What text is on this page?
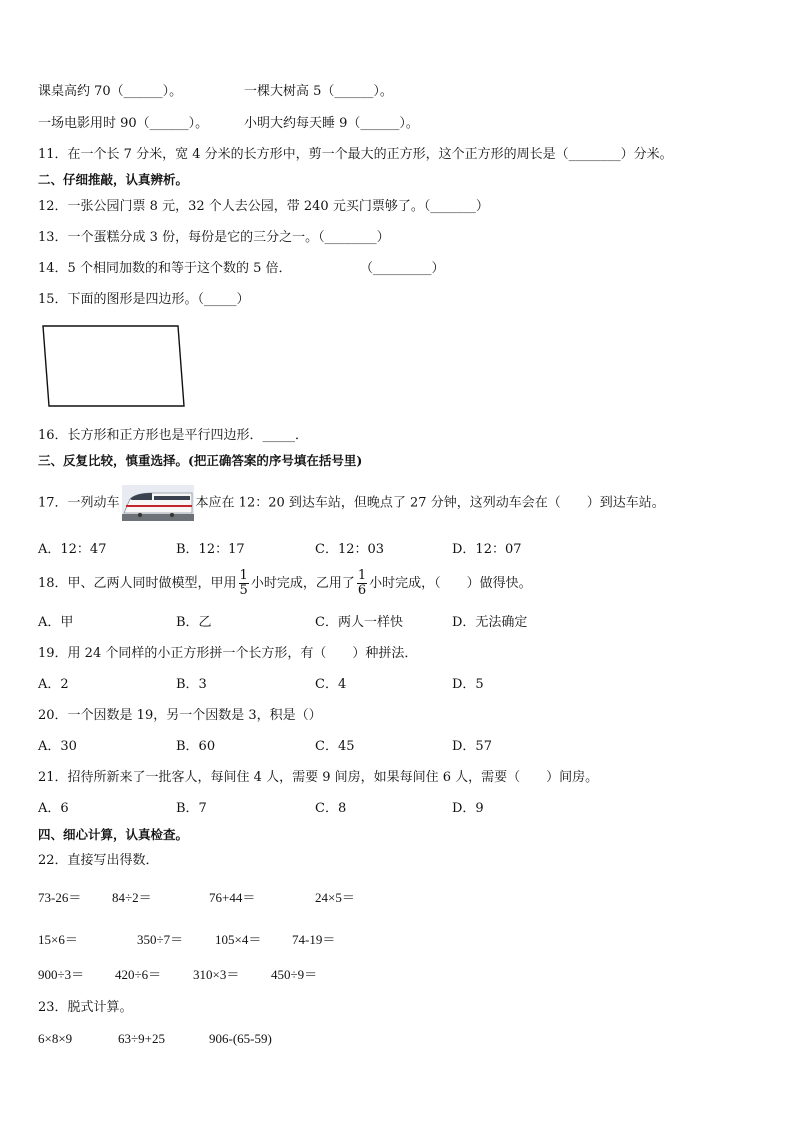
课桌高约 70（______）。	一棵大树高 5（______）。
一场电影用时 90（______）。	小明大约每天睡 9（______）。
11．在一个长 7 分米，宽 4 分米的长方形中，剪一个最大的正方形，这个正方形的周长是（________）分米。
二、仔细推敲，认真辨析。
12．一张公园门票 8 元，32 个人去公园，带 240 元买门票够了。（_______）
13．一个蛋糕分成 3 份，每份是它的三分之一。（________）
14．5 个相同加数的和等于这个数的 5 倍．	（_________）
15．下面的图形是四边形。（_____）
16．长方形和正方形也是平行四边形．_____．
三、反复比较，慎重选择。(把正确答案的序号填在括号里)
17．一列动车	本应在 12：20 到达车站，但晚点了 27 分钟，这列动车会在（　　）到达车站。
A．12：47	B．12：17	C．12：03	D．12：07
18．甲、乙两人同时做模型，甲用 $\frac{1}{5}$ 小时完成，乙用了 $\frac{1}{6}$ 小时完成，（　　）做得快。
A．甲	B．乙	C．两人一样快	D．无法确定
19．用 24 个同样的小正方形拼一个长方形，有（　　）种拼法．
A．2	B．3	C．4	D．5
20．一个因数是 19，另一个因数是 3，积是（）
A．30	B．60	C．45	D．57
21．招待所新来了一批客人，每间住 4 人，需要 9 间房，如果每间住 6 人，需要（　　）间房。
A．6	B．7	C．8	D．9
四、细心计算，认真检查。
22．直接写出得数．
73-26＝ 84÷2＝	76+44＝	24×5＝
15×6＝	350÷7＝ 105×4＝ 74-19＝
900÷3＝ 420÷6＝ 310×3＝ 450÷9＝
23．脱式计算。
6×8×9	63÷9+25	906-(65-59)
